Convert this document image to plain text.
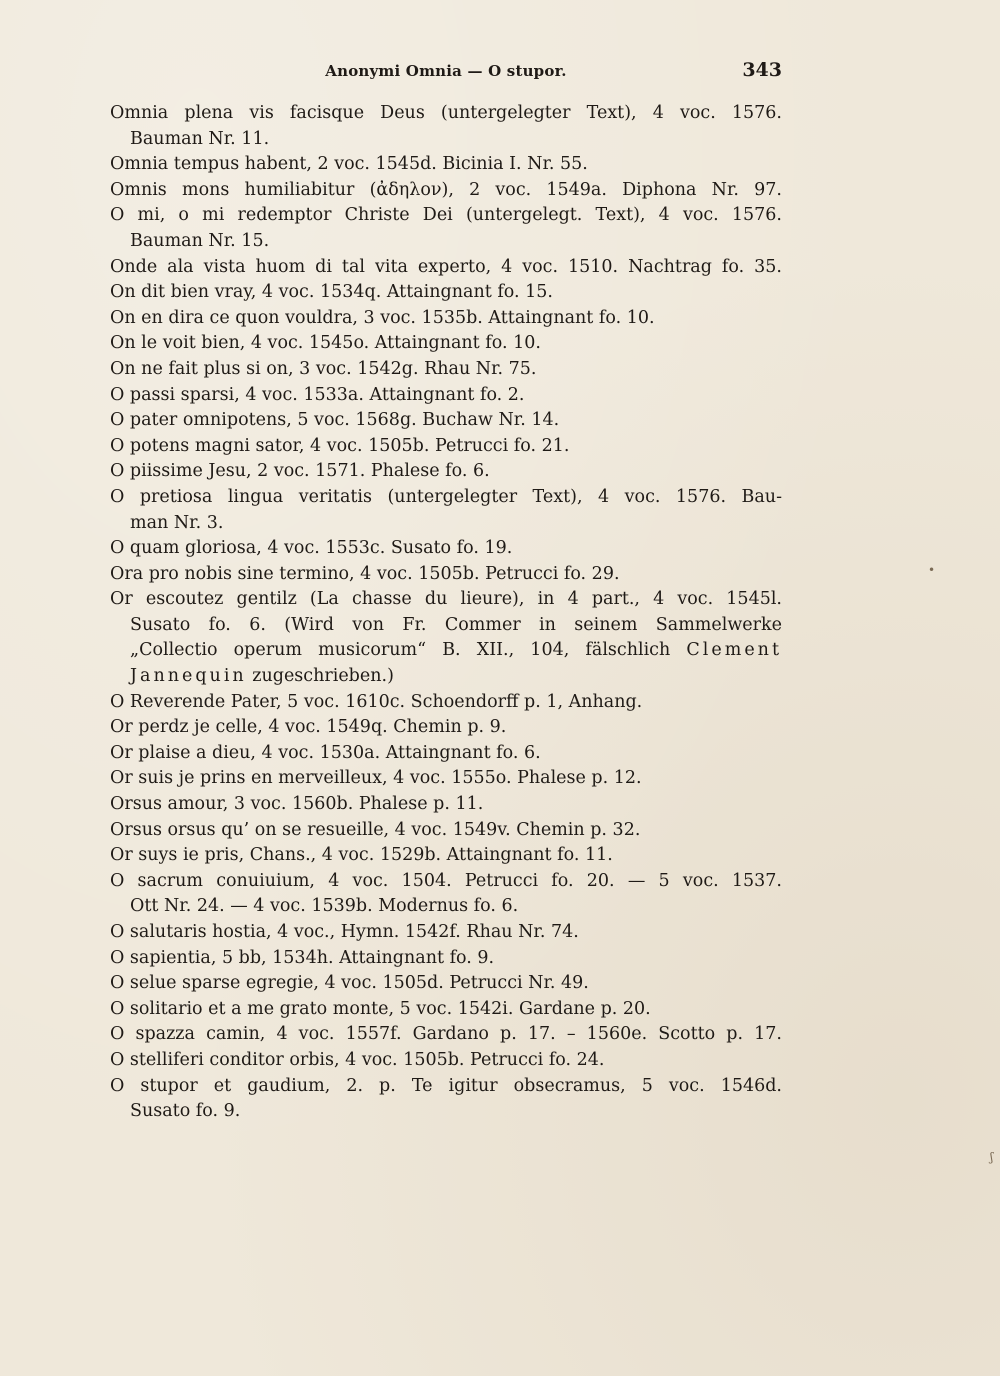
Anonymi Omnia — O stupor.	343
Omnia plena vis facisque Deus (untergelegter Text), 4 voc. 1576.
Bauman Nr. 11.
Omnia tempus habent, 2 voc. 1545d. Bicinia I. Nr. 55.
Omnis mons humiliabitur (ἀδηλον), 2 voc. 1549a. Diphona Nr. 97.
O mi, o mi redemptor Christe Dei (untergelegt. Text), 4 voc. 1576.
Bauman Nr. 15.
Onde ala vista huom di tal vita experto, 4 voc. 1510. Nachtrag fo. 35.
On dit bien vray, 4 voc. 1534q. Attaingnant fo. 15.
On en dira ce quon vouldra, 3 voc. 1535b. Attaingnant fo. 10.
On le voit bien, 4 voc. 1545o. Attaingnant fo. 10.
On ne fait plus si on, 3 voc. 1542g. Rhau Nr. 75.
O passi sparsi, 4 voc. 1533a. Attaingnant fo. 2.
O pater omnipotens, 5 voc. 1568g. Buchaw Nr. 14.
O potens magni sator, 4 voc. 1505b. Petrucci fo. 21.
O piissime Jesu, 2 voc. 1571. Phalese fo. 6.
O pretiosa lingua veritatis (untergelegter Text), 4 voc. 1576. Bau-
man Nr. 3.
O quam gloriosa, 4 voc. 1553c. Susato fo. 19.
Ora pro nobis sine termino, 4 voc. 1505b. Petrucci fo. 29.
Or escoutez gentilz (La chasse du lieure), in 4 part., 4 voc. 1545l.
Susato fo. 6. (Wird von Fr. Commer in seinem Sammelwerke
„Collectio operum musicorum“ B. XII., 104, fälschlich Clement
Jannequin zugeschrieben.)
O Reverende Pater, 5 voc. 1610c. Schoendorff p. 1, Anhang.
Or perdz je celle, 4 voc. 1549q. Chemin p. 9.
Or plaise a dieu, 4 voc. 1530a. Attaingnant fo. 6.
Or suis je prins en merveilleux, 4 voc. 1555o. Phalese p. 12.
Orsus amour, 3 voc. 1560b. Phalese p. 11.
Orsus orsus qu’ on se resueille, 4 voc. 1549v. Chemin p. 32.
Or suys ie pris, Chans., 4 voc. 1529b. Attaingnant fo. 11.
O sacrum conuiuium, 4 voc. 1504. Petrucci fo. 20. — 5 voc. 1537.
Ott Nr. 24. — 4 voc. 1539b. Modernus fo. 6.
O salutaris hostia, 4 voc., Hymn. 1542f. Rhau Nr. 74.
O sapientia, 5 bb, 1534h. Attaingnant fo. 9.
O selue sparse egregie, 4 voc. 1505d. Petrucci Nr. 49.
O solitario et a me grato monte, 5 voc. 1542i. Gardane p. 20.
O spazza camin, 4 voc. 1557f. Gardano p. 17. – 1560e. Scotto p. 17.
O stelliferi conditor orbis, 4 voc. 1505b. Petrucci fo. 24.
O stupor et gaudium, 2. p. Te igitur obsecramus, 5 voc. 1546d.
Susato fo. 9.
•
ʃ
